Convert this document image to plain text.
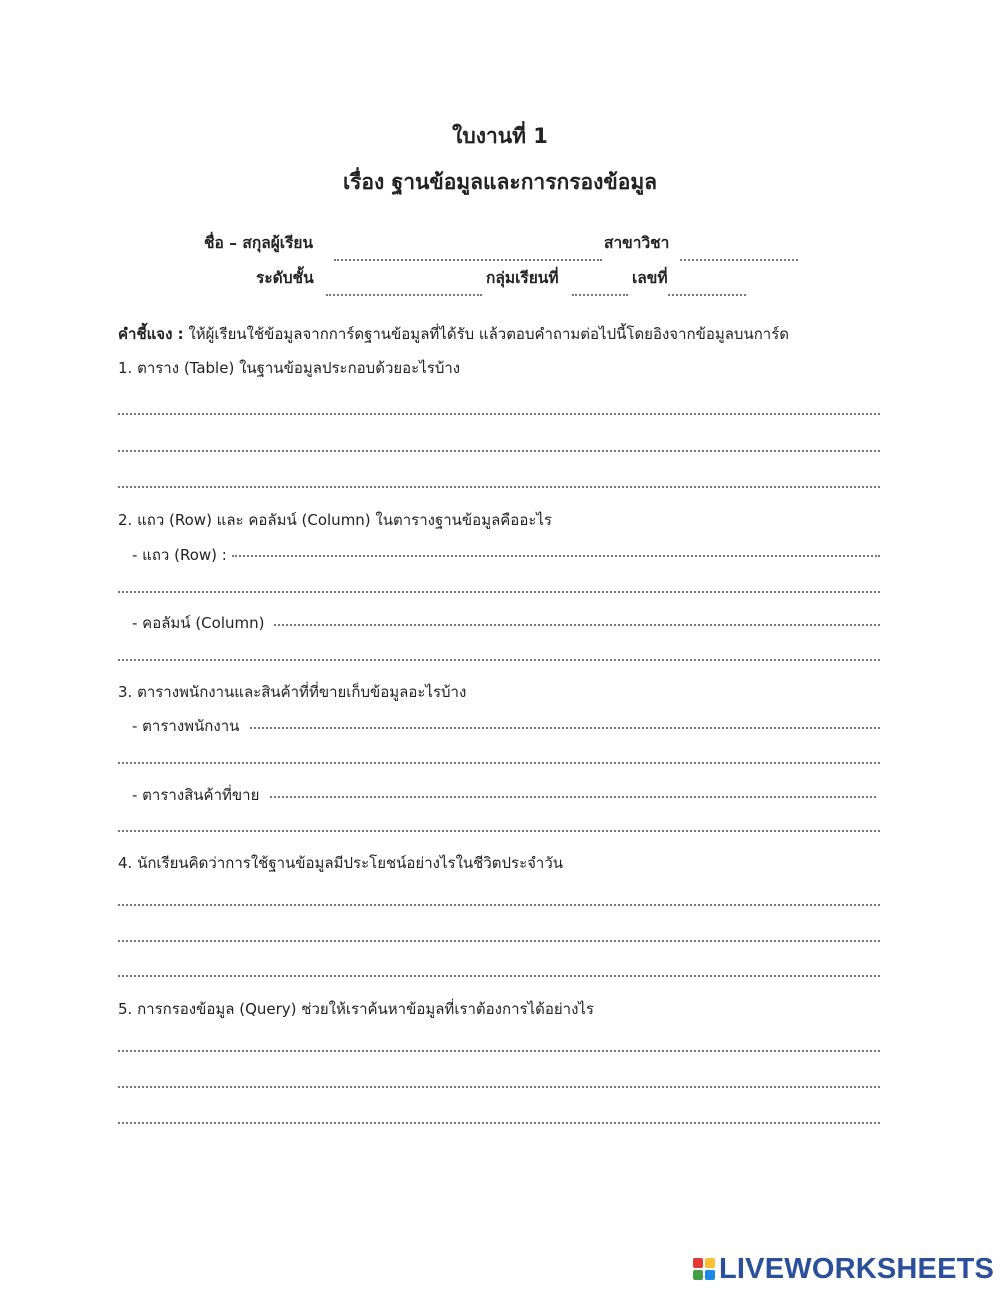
ใบงานที่ 1
เรื่อง ฐานข้อมูลและการกรองข้อมูล
ชื่อ – สกุลผู้เรียน	สาขาวิชา
ระดับชั้น	กลุ่มเรียนที่	เลขที่
คำชี้แจง : ให้ผู้เรียนใช้ข้อมูลจากการ์ดฐานข้อมูลที่ได้รับ แล้วตอบคำถามต่อไปนี้โดยอิงจากข้อมูลบนการ์ด
1. ตาราง (Table) ในฐานข้อมูลประกอบด้วยอะไรบ้าง
2. แถว (Row) และ คอลัมน์ (Column) ในตารางฐานข้อมูลคืออะไร
- แถว (Row) :
- คอลัมน์ (Column)
3. ตารางพนักงานและสินค้าที่ที่ขายเก็บข้อมูลอะไรบ้าง
- ตารางพนักงาน
- ตารางสินค้าที่ขาย
4. นักเรียนคิดว่าการใช้ฐานข้อมูลมีประโยชน์อย่างไรในชีวิตประจำวัน
5. การกรองข้อมูล (Query) ช่วยให้เราค้นหาข้อมูลที่เราต้องการได้อย่างไร
LIVEWORKSHEETS
